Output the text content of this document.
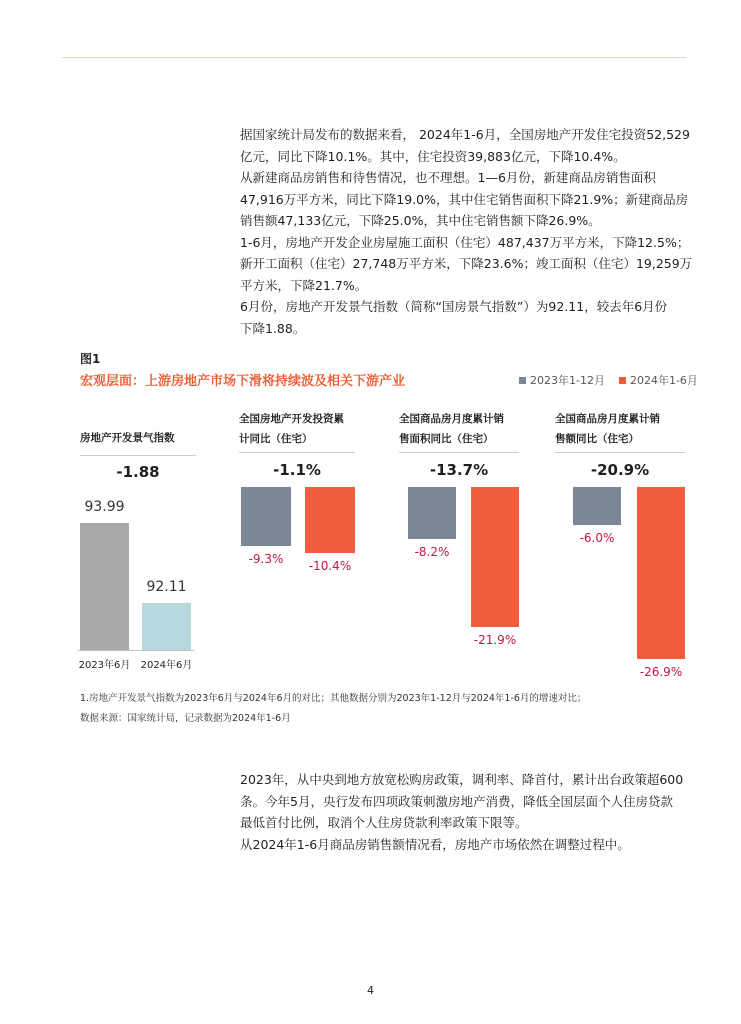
据国家统计局发布的数据来看， 2024年1-6月，全国房地产开发住宅投资52,529

亿元，同比下降10.1%。其中，住宅投资39,883亿元，下降10.4%。

从新建商品房销售和待售情况，也不理想。1—6月份，新建商品房销售面积

47,916万平方米，同比下降19.0%，其中住宅销售面积下降21.9%；新建商品房

销售额47,133亿元，下降25.0%，其中住宅销售额下降26.9%。

1-6月，房地产开发企业房屋施工面积（住宅）487,437万平方米，下降12.5%；

新开工面积（住宅）27,748万平方米，下降23.6%；竣工面积（住宅）19,259万

平方米，下降21.7%。

6月份，房地产开发景气指数（简称“国房景气指数”）为92.11，较去年6月份

下降1.88。

图1
宏观层面：上游房地产市场下滑将持续波及相关下游产业	2023年1-12月 2024年1-6月
房地产开发景气指数
-1.88
全国房地产开发投资累
计同比（住宅）
-1.1%
全国商品房月度累计销
售面积同比（住宅）
-13.7%
全国商品房月度累计销
售额同比（住宅）
-20.9%
93.99
2023年6月
92.11
2024年6月
-9.3%
-10.4%
-8.2%
-21.9%
-6.0%
-26.9%
1.房地产开发景气指数为2023年6月与2024年6月的对比；其他数据分别为2023年1-12月与2024年1-6月的增速对比；
数据来源：国家统计局，记录数据为2024年1-6月

2023年，从中央到地方放宽松购房政策，调利率、降首付，累计出台政策超600

条。今年5月，央行发布四项政策刺激房地产消费，降低全国层面个人住房贷款

最低首付比例，取消个人住房贷款利率政策下限等。

从2024年1-6月商品房销售额情况看，房地产市场依然在调整过程中。

4
